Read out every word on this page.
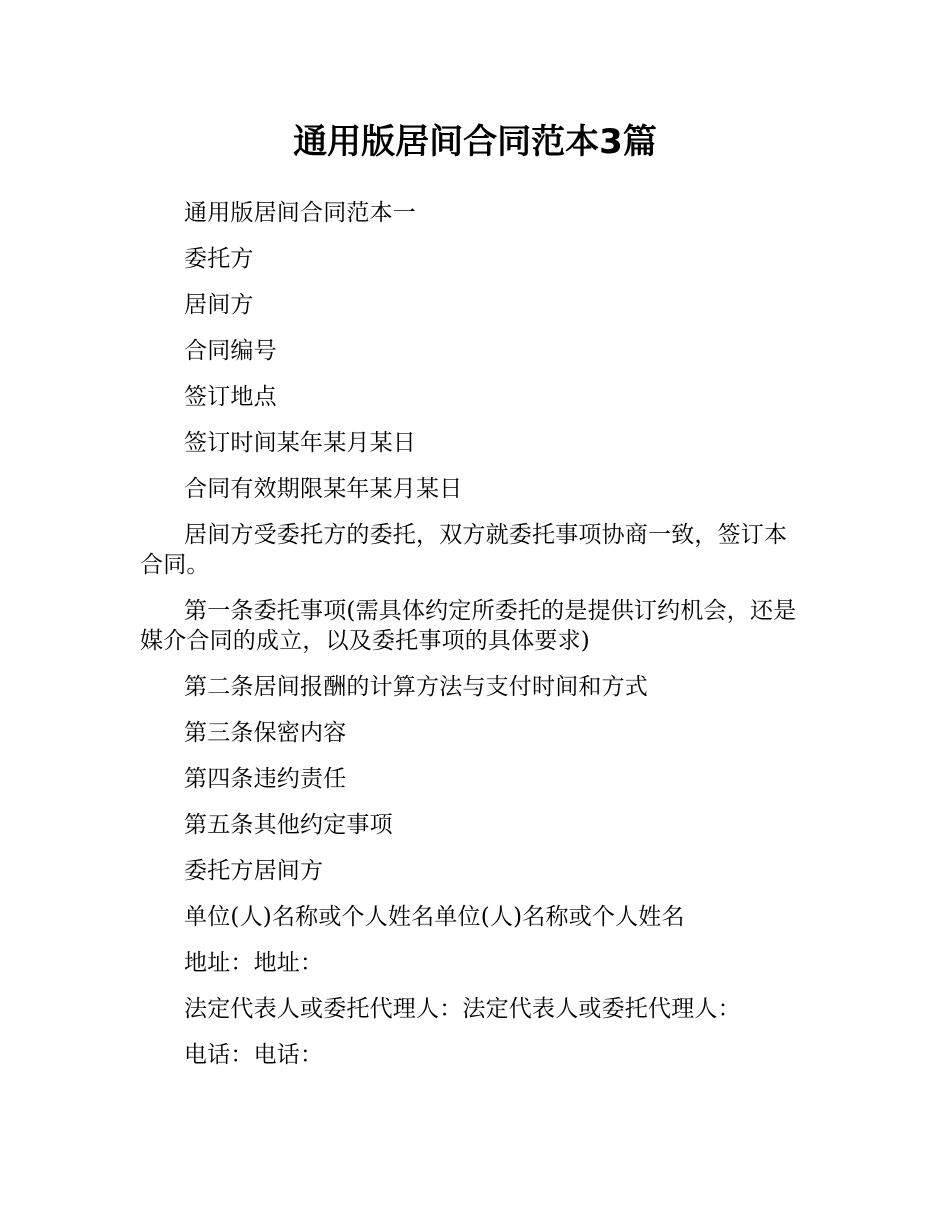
通用版居间合同范本3篇

通用版居间合同范本一

委托方

居间方

合同编号

签订地点

签订时间某年某月某日

合同有效期限某年某月某日

居间方受委托方的委托，双方就委托事项协商一致，签订本合同。

第一条委托事项(需具体约定所委托的是提供订约机会，还是媒介合同的成立，以及委托事项的具体要求)

第二条居间报酬的计算方法与支付时间和方式

第三条保密内容

第四条违约责任

第五条其他约定事项

委托方居间方

单位(人)名称或个人姓名单位(人)名称或个人姓名

地址：地址：

法定代表人或委托代理人：法定代表人或委托代理人：

电话：电话：
